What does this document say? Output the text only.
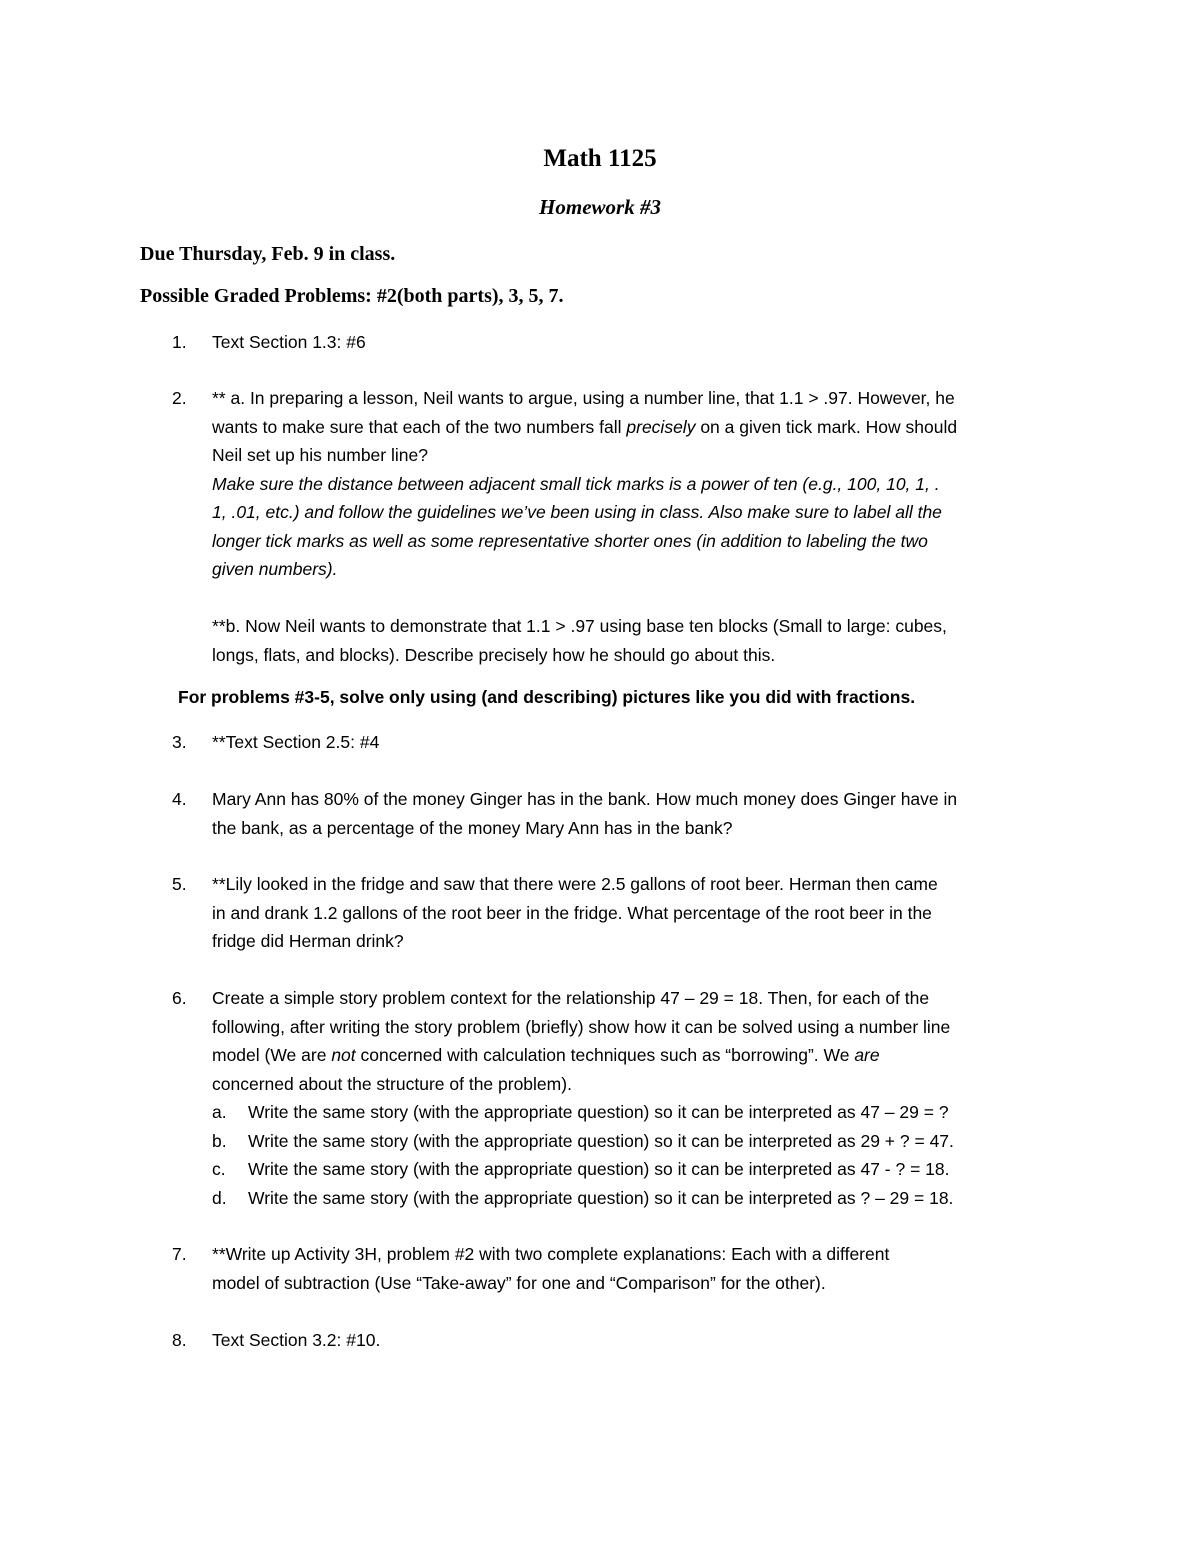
Math 1125
Homework #3
Due Thursday, Feb. 9 in class.
Possible Graded Problems: #2(both parts), 3, 5, 7.
1. Text Section 1.3: #6
2. ** a. In preparing a lesson, Neil wants to argue, using a number line, that 1.1 > .97. However, he
wants to make sure that each of the two numbers fall precisely on a given tick mark. How should
Neil set up his number line?
Make sure the distance between adjacent small tick marks is a power of ten (e.g., 100, 10, 1, .
1, .01, etc.) and follow the guidelines we’ve been using in class. Also make sure to label all the
longer tick marks as well as some representative shorter ones (in addition to labeling the two
given numbers).
**b. Now Neil wants to demonstrate that 1.1 > .97 using base ten blocks (Small to large: cubes,
longs, flats, and blocks). Describe precisely how he should go about this.
For problems #3-5, solve only using (and describing) pictures like you did with fractions.
3. **Text Section 2.5: #4
4. Mary Ann has 80% of the money Ginger has in the bank. How much money does Ginger have in
the bank, as a percentage of the money Mary Ann has in the bank?
5. **Lily looked in the fridge and saw that there were 2.5 gallons of root beer. Herman then came
in and drank 1.2 gallons of the root beer in the fridge. What percentage of the root beer in the
fridge did Herman drink?
6. Create a simple story problem context for the relationship 47 – 29 = 18. Then, for each of the
following, after writing the story problem (briefly) show how it can be solved using a number line
model (We are not concerned with calculation techniques such as “borrowing”. We are
concerned about the structure of the problem).
a. Write the same story (with the appropriate question) so it can be interpreted as 47 – 29 = ?
b. Write the same story (with the appropriate question) so it can be interpreted as 29 + ? = 47.
c. Write the same story (with the appropriate question) so it can be interpreted as 47 - ? = 18.
d. Write the same story (with the appropriate question) so it can be interpreted as ? – 29 = 18.
7. **Write up Activity 3H, problem #2 with two complete explanations: Each with a different
model of subtraction (Use “Take-away” for one and “Comparison” for the other).
8. Text Section 3.2: #10.
